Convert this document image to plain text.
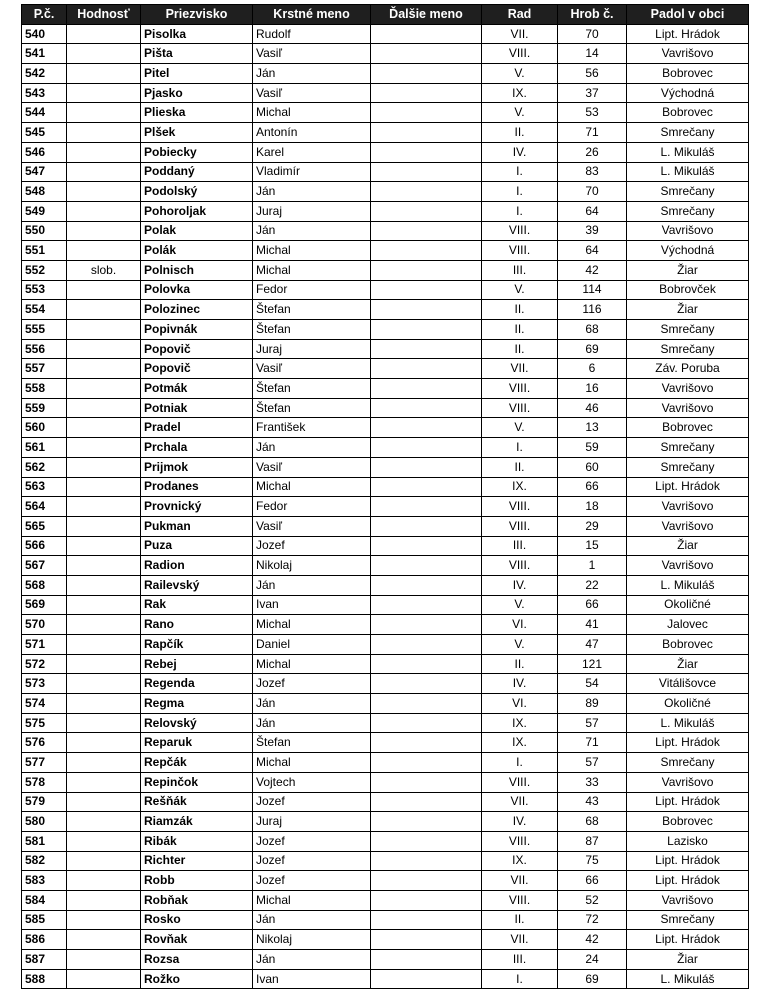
P.č.	Hodnosť	Priezvisko	Krstné meno	Ďalšie meno	Rad	Hrob č.	Padol v obci
540		Pisolka	Rudolf		VII.	70	Lipt. Hrádok
541		Pišta	Vasiľ		VIII.	14	Vavrišovo
542		Pitel	Ján		V.	56	Bobrovec
543		Pjasko	Vasiľ		IX.	37	Východná
544		Plieska	Michal		V.	53	Bobrovec
545		Plšek	Antonín		II.	71	Smrečany
546		Pobiecky	Karel		IV.	26	L. Mikuláš
547		Poddaný	Vladimír		I.	83	L. Mikuláš
548		Podolský	Ján		I.	70	Smrečany
549		Pohoroljak	Juraj		I.	64	Smrečany
550		Polak	Ján		VIII.	39	Vavrišovo
551		Polák	Michal		VIII.	64	Východná
552	slob.	Polnisch	Michal		III.	42	Žiar
553		Polovka	Fedor		V.	114	Bobrovček
554		Polozinec	Štefan		II.	116	Žiar
555		Popivnák	Štefan		II.	68	Smrečany
556		Popovič	Juraj		II.	69	Smrečany
557		Popovič	Vasiľ		VII.	6	Záv. Poruba
558		Potmák	Štefan		VIII.	16	Vavrišovo
559		Potniak	Štefan		VIII.	46	Vavrišovo
560		Pradel	František		V.	13	Bobrovec
561		Prchala	Ján		I.	59	Smrečany
562		Prijmok	Vasiľ		II.	60	Smrečany
563		Prodanes	Michal		IX.	66	Lipt. Hrádok
564		Provnický	Fedor		VIII.	18	Vavrišovo
565		Pukman	Vasiľ		VIII.	29	Vavrišovo
566		Puza	Jozef		III.	15	Žiar
567		Radion	Nikolaj		VIII.	1	Vavrišovo
568		Railevský	Ján		IV.	22	L. Mikuláš
569		Rak	Ivan		V.	66	Okoličné
570		Rano	Michal		VI.	41	Jalovec
571		Rapčík	Daniel		V.	47	Bobrovec
572		Rebej	Michal		II.	121	Žiar
573		Regenda	Jozef		IV.	54	Vitálišovce
574		Regma	Ján		VI.	89	Okoličné
575		Relovský	Ján		IX.	57	L. Mikuláš
576		Reparuk	Štefan		IX.	71	Lipt. Hrádok
577		Repčák	Michal		I.	57	Smrečany
578		Repinčok	Vojtech		VIII.	33	Vavrišovo
579		Rešňák	Jozef		VII.	43	Lipt. Hrádok
580		Riamzák	Juraj		IV.	68	Bobrovec
581		Ribák	Jozef		VIII.	87	Lazisko
582		Richter	Jozef		IX.	75	Lipt. Hrádok
583		Robb	Jozef		VII.	66	Lipt. Hrádok
584		Robňak	Michal		VIII.	52	Vavrišovo
585		Rosko	Ján		II.	72	Smrečany
586		Rovňak	Nikolaj		VII.	42	Lipt. Hrádok
587		Rozsa	Ján		III.	24	Žiar
588		Rožko	Ivan		I.	69	L. Mikuláš
